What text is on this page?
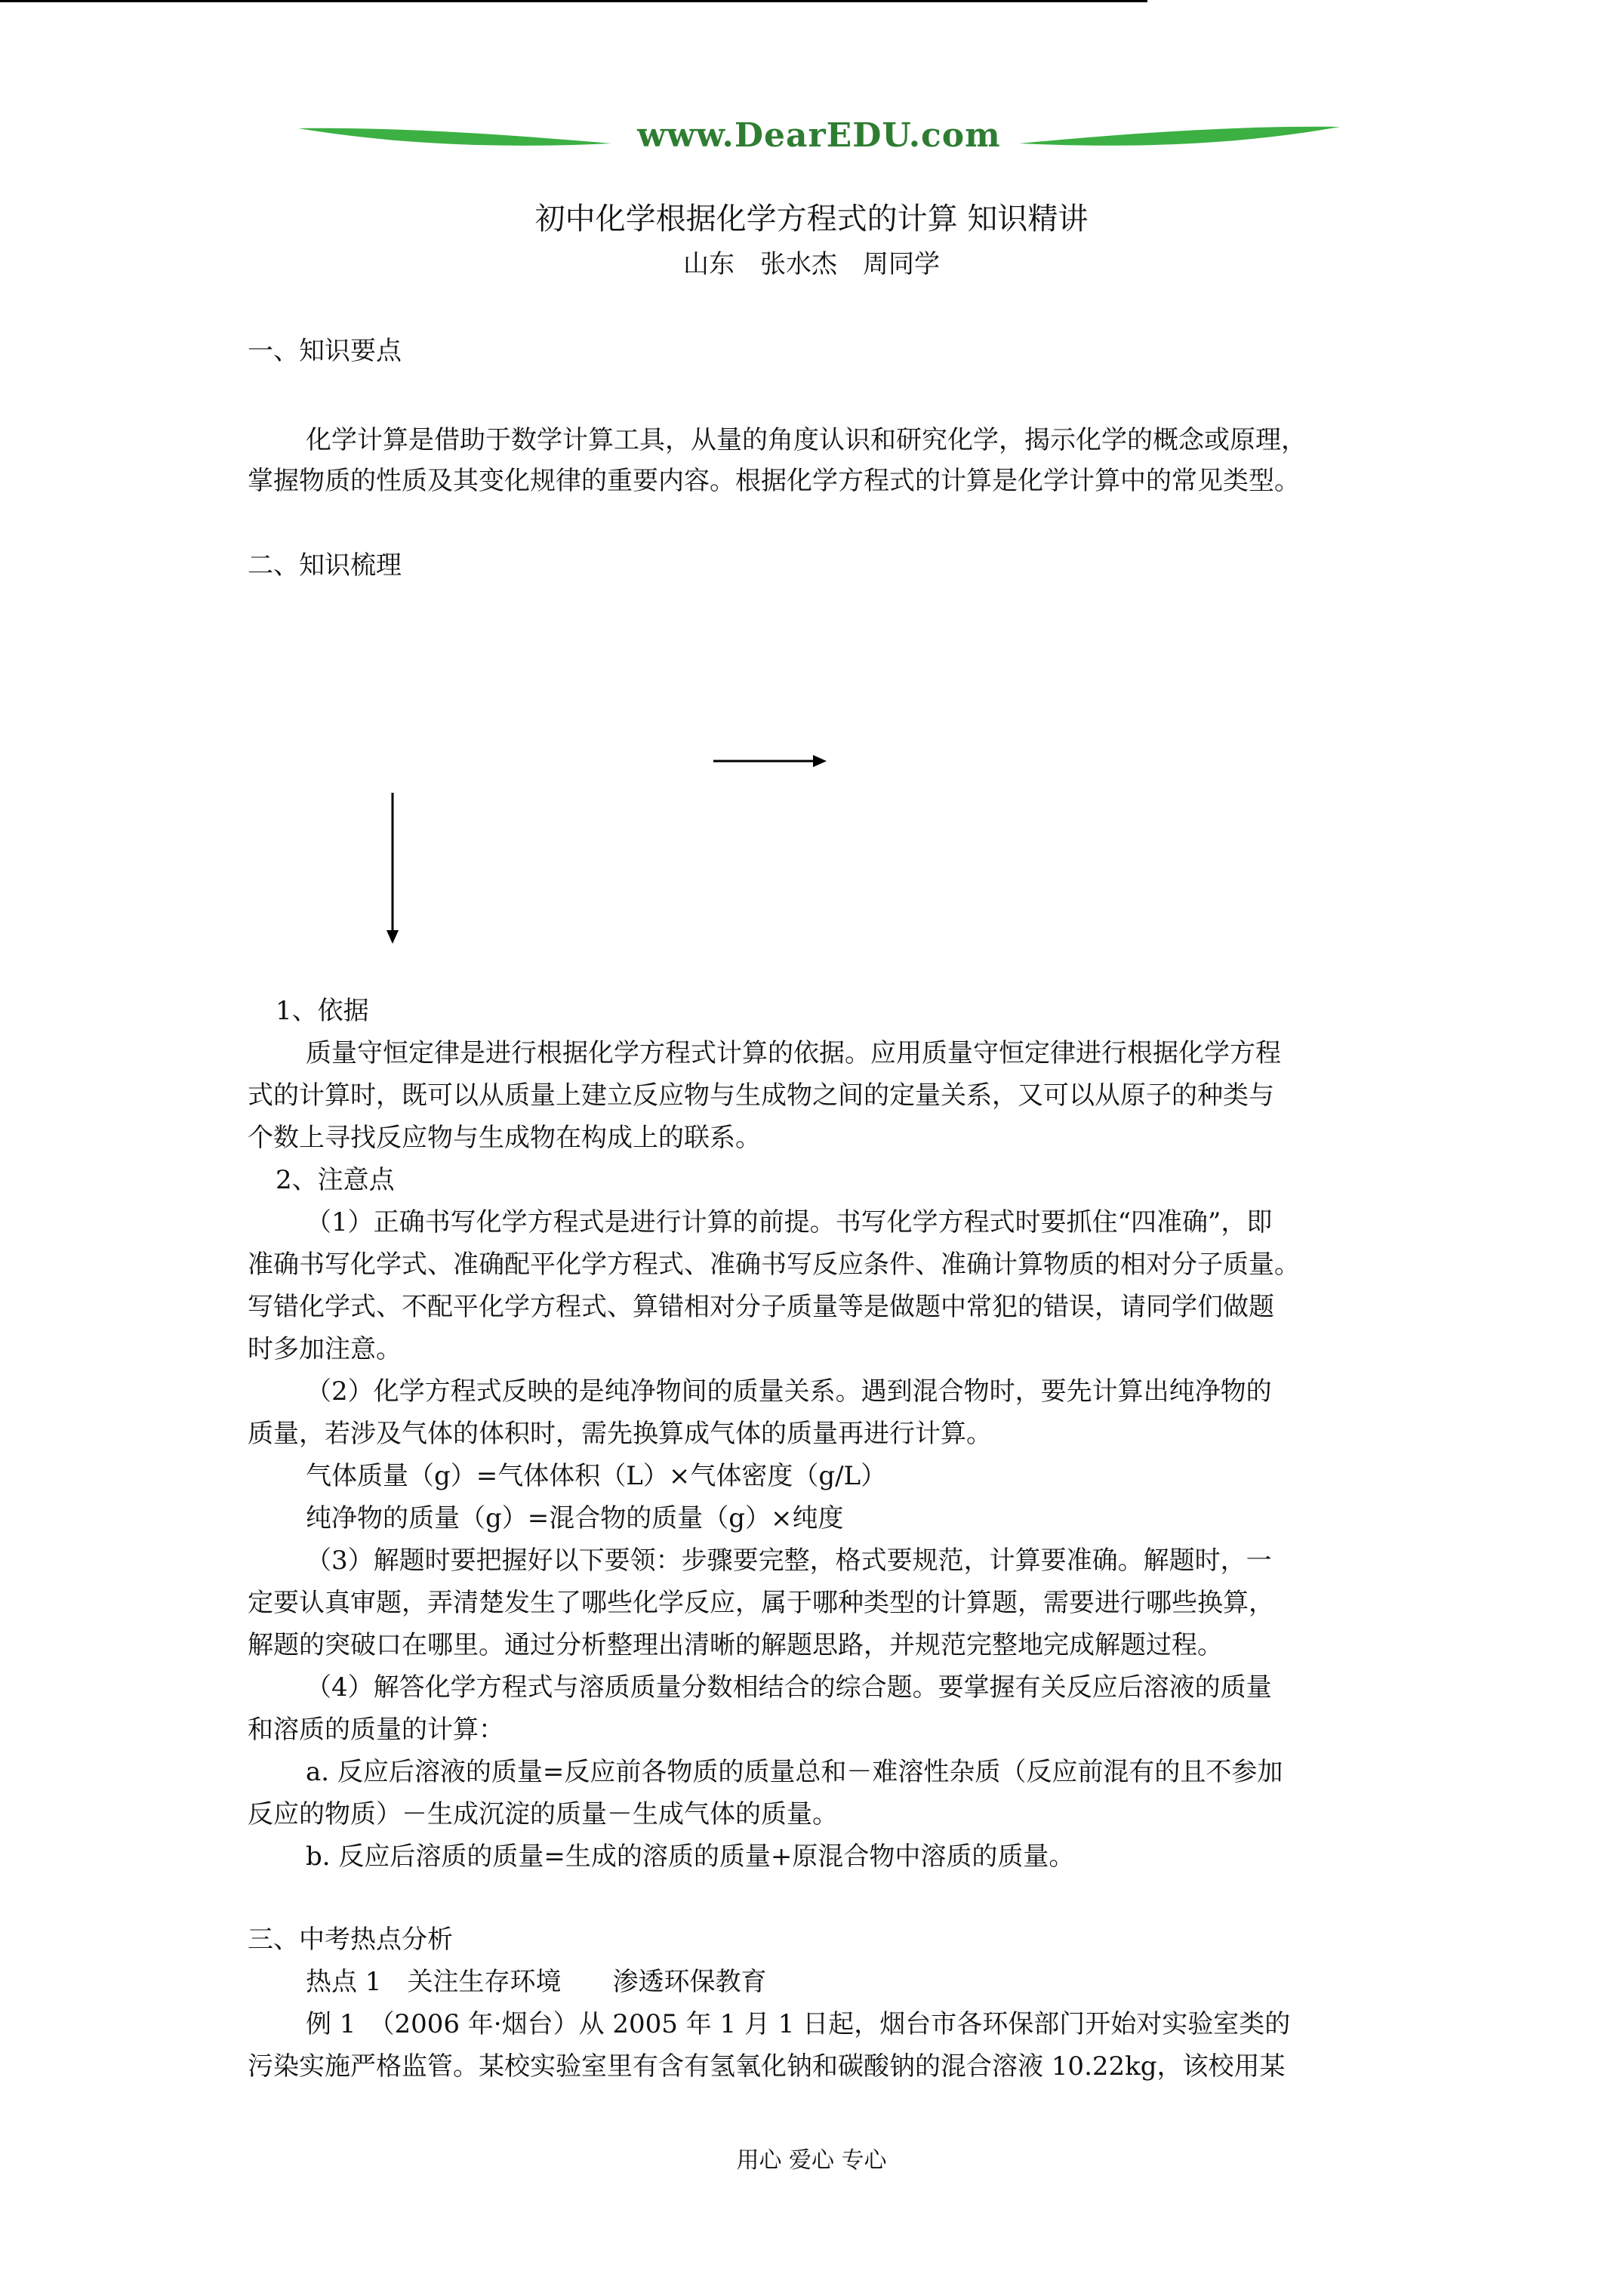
www.DearEDU.com
初中化学根据化学方程式的计算 知识精讲
山东　张水杰　周同学
一、知识要点
化学计算是借助于数学计算工具，从量的角度认识和研究化学，揭示化学的概念或原理，
掌握物质的性质及其变化规律的重要内容。根据化学方程式的计算是化学计算中的常见类型。
二、知识梳理
1、依据
质量守恒定律是进行根据化学方程式计算的依据。应用质量守恒定律进行根据化学方程
式的计算时，既可以从质量上建立反应物与生成物之间的定量关系，又可以从原子的种类与
个数上寻找反应物与生成物在构成上的联系。
2、注意点
（1）正确书写化学方程式是进行计算的前提。书写化学方程式时要抓住“四准确”，即
准确书写化学式、准确配平化学方程式、准确书写反应条件、准确计算物质的相对分子质量。
写错化学式、不配平化学方程式、算错相对分子质量等是做题中常犯的错误，请同学们做题
时多加注意。
（2）化学方程式反映的是纯净物间的质量关系。遇到混合物时，要先计算出纯净物的
质量，若涉及气体的体积时，需先换算成气体的质量再进行计算。
气体质量（g）=气体体积（L）×气体密度（g/L）
纯净物的质量（g）=混合物的质量（g）×纯度
（3）解题时要把握好以下要领：步骤要完整，格式要规范，计算要准确。解题时，一
定要认真审题，弄清楚发生了哪些化学反应，属于哪种类型的计算题，需要进行哪些换算，
解题的突破口在哪里。通过分析整理出清晰的解题思路，并规范完整地完成解题过程。
（4）解答化学方程式与溶质质量分数相结合的综合题。要掌握有关反应后溶液的质量
和溶质的质量的计算：
a. 反应后溶液的质量=反应前各物质的质量总和－难溶性杂质（反应前混有的且不参加
反应的物质）－生成沉淀的质量－生成气体的质量。
b. 反应后溶质的质量=生成的溶质的质量+原混合物中溶质的质量。
三、中考热点分析
热点 1　关注生存环境　　渗透环保教育
例 1　（2006 年·烟台）从 2005 年 1 月 1 日起，烟台市各环保部门开始对实验室类的
污染实施严格监管。某校实验室里有含有氢氧化钠和碳酸钠的混合溶液 10.22kg，该校用某
用心 爱心 专心
